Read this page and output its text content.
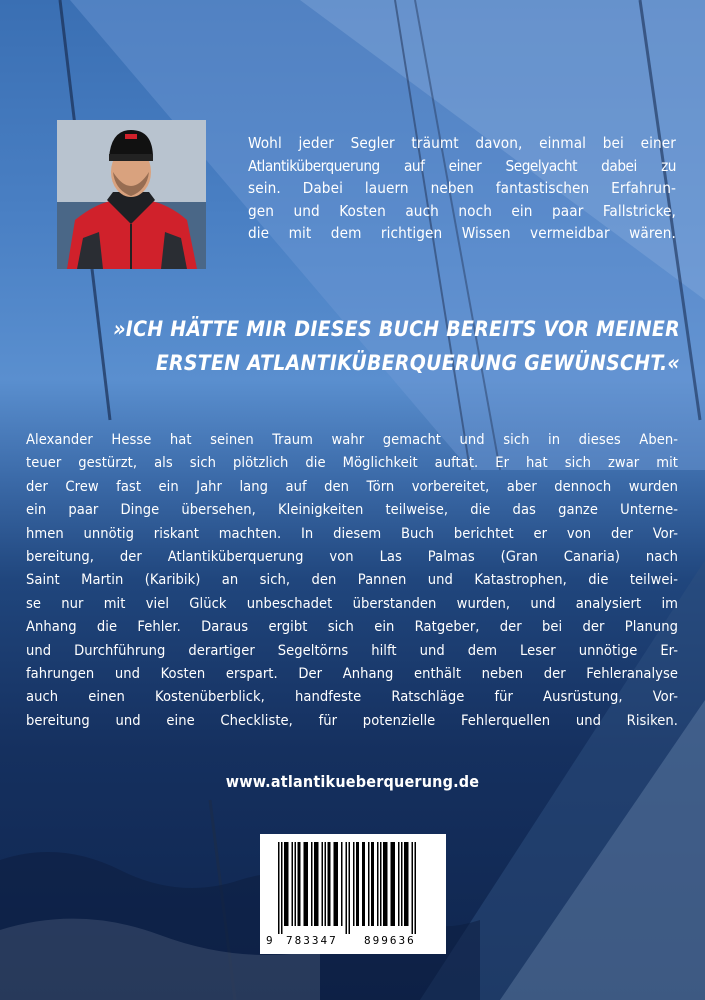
Wohl jeder Segler träumt davon, einmal bei einer
Atlantiküberquerung auf einer Segelyacht dabei zu
sein. Dabei lauern neben fantastischen Erfahrun-
gen und Kosten auch noch ein paar Fallstricke,
die mit dem richtigen Wissen vermeidbar wären.
»ICH HÄTTE MIR DIESES BUCH BEREITS VOR MEINER
ERSTEN ATLANTIKÜBERQUERUNG GEWÜNSCHT.«
Alexander Hesse hat seinen Traum wahr gemacht und sich in dieses Aben-
teuer gestürzt, als sich plötzlich die Möglichkeit auftat. Er hat sich zwar mit
der Crew fast ein Jahr lang auf den Törn vorbereitet, aber dennoch wurden
ein paar Dinge übersehen, Kleinigkeiten teilweise, die das ganze Unterne-
hmen unnötig riskant machten. In diesem Buch berichtet er von der Vor-
bereitung, der Atlantiküberquerung von Las Palmas (Gran Canaria) nach
Saint Martin (Karibik) an sich, den Pannen und Katastrophen, die teilwei-
se nur mit viel Glück unbeschadet überstanden wurden, und analysiert im
Anhang die Fehler. Daraus ergibt sich ein Ratgeber, der bei der Planung
und Durchführung derartiger Segeltörns hilft und dem Leser unnötige Er-
fahrungen und Kosten erspart. Der Anhang enthält neben der Fehleranalyse
auch einen Kostenüberblick, handfeste Ratschläge für Ausrüstung, Vor-
bereitung und eine Checkliste, für potenzielle Fehlerquellen und Risiken.
www.atlantikueberquerung.de
9 783347 899636
